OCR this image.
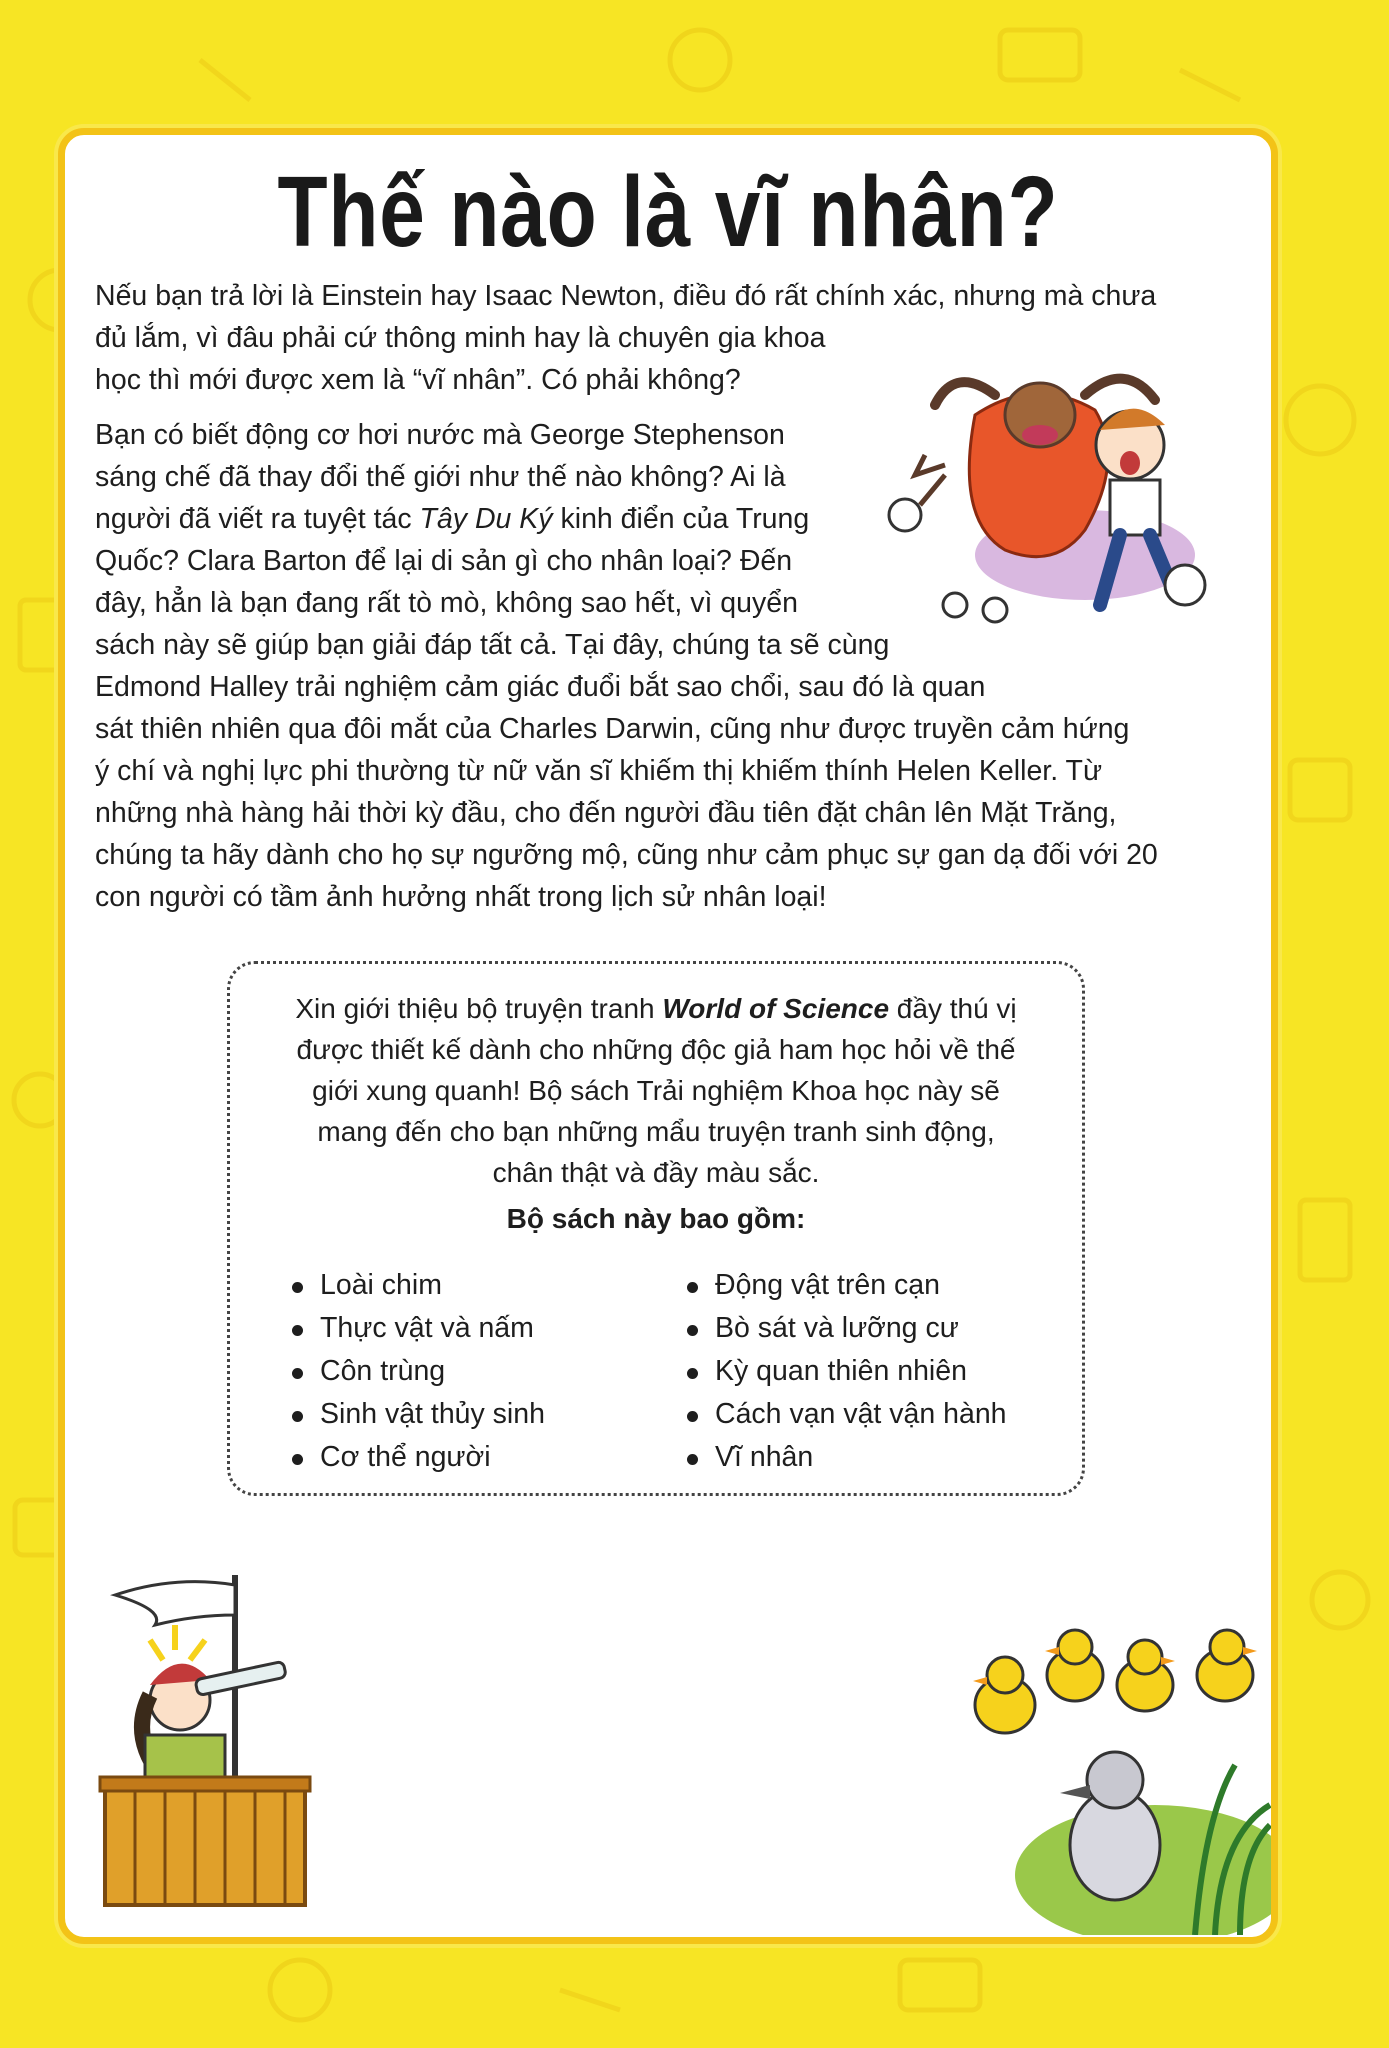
Thế nào là vĩ nhân?

Nếu bạn trả lời là Einstein hay Isaac Newton, điều đó rất chính xác, nhưng mà chưa
đủ lắm, vì đâu phải cứ thông minh hay là chuyên gia khoa
học thì mới được xem là “vĩ nhân”. Có phải không?

Bạn có biết động cơ hơi nước mà George Stephenson
sáng chế đã thay đổi thế giới như thế nào không? Ai là
người đã viết ra tuyệt tác Tây Du Ký kinh điển của Trung
Quốc? Clara Barton để lại di sản gì cho nhân loại? Đến
đây, hẳn là bạn đang rất tò mò, không sao hết, vì quyển
sách này sẽ giúp bạn giải đáp tất cả. Tại đây, chúng ta sẽ cùng
Edmond Halley trải nghiệm cảm giác đuổi bắt sao chổi, sau đó là quan
sát thiên nhiên qua đôi mắt của Charles Darwin, cũng như được truyền cảm hứng
ý chí và nghị lực phi thường từ nữ văn sĩ khiếm thị khiếm thính Helen Keller. Từ
những nhà hàng hải thời kỳ đầu, cho đến người đầu tiên đặt chân lên Mặt Trăng,
chúng ta hãy dành cho họ sự ngưỡng mộ, cũng như cảm phục sự gan dạ đối với 20
con người có tầm ảnh hưởng nhất trong lịch sử nhân loại!

Xin giới thiệu bộ truyện tranh World of Science đầy thú vị
được thiết kế dành cho những độc giả ham học hỏi về thế
giới xung quanh! Bộ sách Trải nghiệm Khoa học này sẽ
mang đến cho bạn những mẩu truyện tranh sinh động,
chân thật và đầy màu sắc.

Bộ sách này bao gồm:
Loài chim
Thực vật và nấm
Côn trùng
Sinh vật thủy sinh
Cơ thể người
Động vật trên cạn
Bò sát và lưỡng cư
Kỳ quan thiên nhiên
Cách vạn vật vận hành
Vĩ nhân
